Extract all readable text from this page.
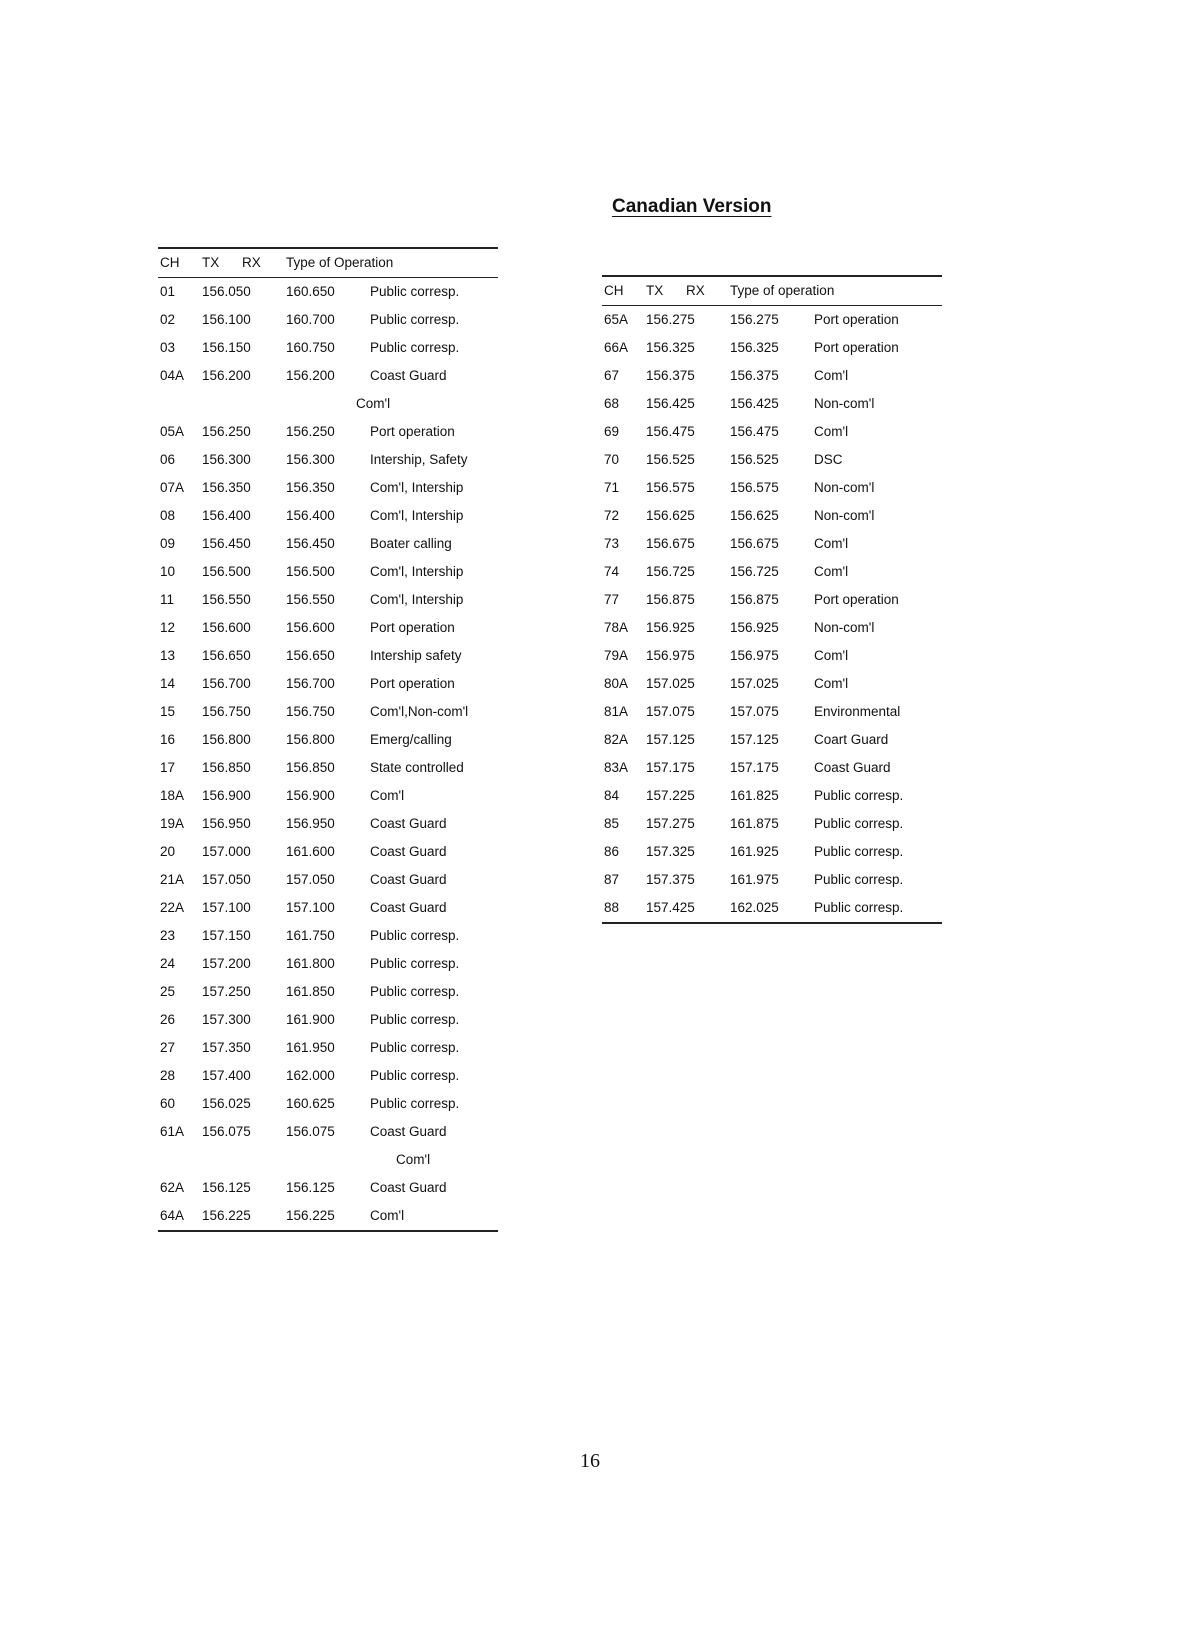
Canadian Version
CH TX RX Type of Operation
01 156.050	160.650	Public corresp.
02 156.100	160.700	Public corresp.
03 156.150	160.750	Public corresp.
04A 156.200	156.200	Coast Guard
Com'l
05A 156.250	156.250	Port operation
06 156.300	156.300	Intership, Safety
07A 156.350	156.350	Com'l, Intership
08 156.400	156.400	Com'l, Intership
09 156.450	156.450	Boater calling
10 156.500	156.500	Com'l, Intership
11 156.550	156.550	Com'l, Intership
12 156.600	156.600	Port operation
13 156.650	156.650	Intership safety
14 156.700	156.700	Port operation
15 156.750	156.750	Com'l,Non-com'l
16 156.800	156.800	Emerg/calling
17 156.850	156.850	State controlled
18A 156.900	156.900	Com'l
19A 156.950	156.950	Coast Guard
20 157.000	161.600	Coast Guard
21A 157.050	157.050	Coast Guard
22A 157.100	157.100	Coast Guard
23 157.150	161.750	Public corresp.
24 157.200	161.800	Public corresp.
25 157.250	161.850	Public corresp.
26 157.300	161.900	Public corresp.
27 157.350	161.950	Public corresp.
28 157.400	162.000	Public corresp.
60 156.025	160.625	Public corresp.
61A 156.075	156.075	Coast Guard
Com'l
62A 156.125	156.125	Coast Guard
64A 156.225	156.225	Com'l
CH TX RX Type of operation
65A 156.275	156.275	Port operation
66A 156.325	156.325	Port operation
67 156.375	156.375	Com'l
68 156.425	156.425	Non-com'l
69 156.475	156.475	Com'l
70 156.525	156.525	DSC
71 156.575	156.575	Non-com'l
72 156.625	156.625	Non-com'l
73 156.675	156.675	Com'l
74 156.725	156.725	Com'l
77 156.875	156.875	Port operation
78A 156.925	156.925	Non-com'l
79A 156.975	156.975	Com'l
80A 157.025	157.025	Com'l
81A 157.075	157.075	Environmental
82A 157.125	157.125	Coart Guard
83A 157.175	157.175	Coast Guard
84 157.225	161.825	Public corresp.
85 157.275	161.875	Public corresp.
86 157.325	161.925	Public corresp.
87 157.375	161.975	Public corresp.
88 157.425	162.025	Public corresp.
16
